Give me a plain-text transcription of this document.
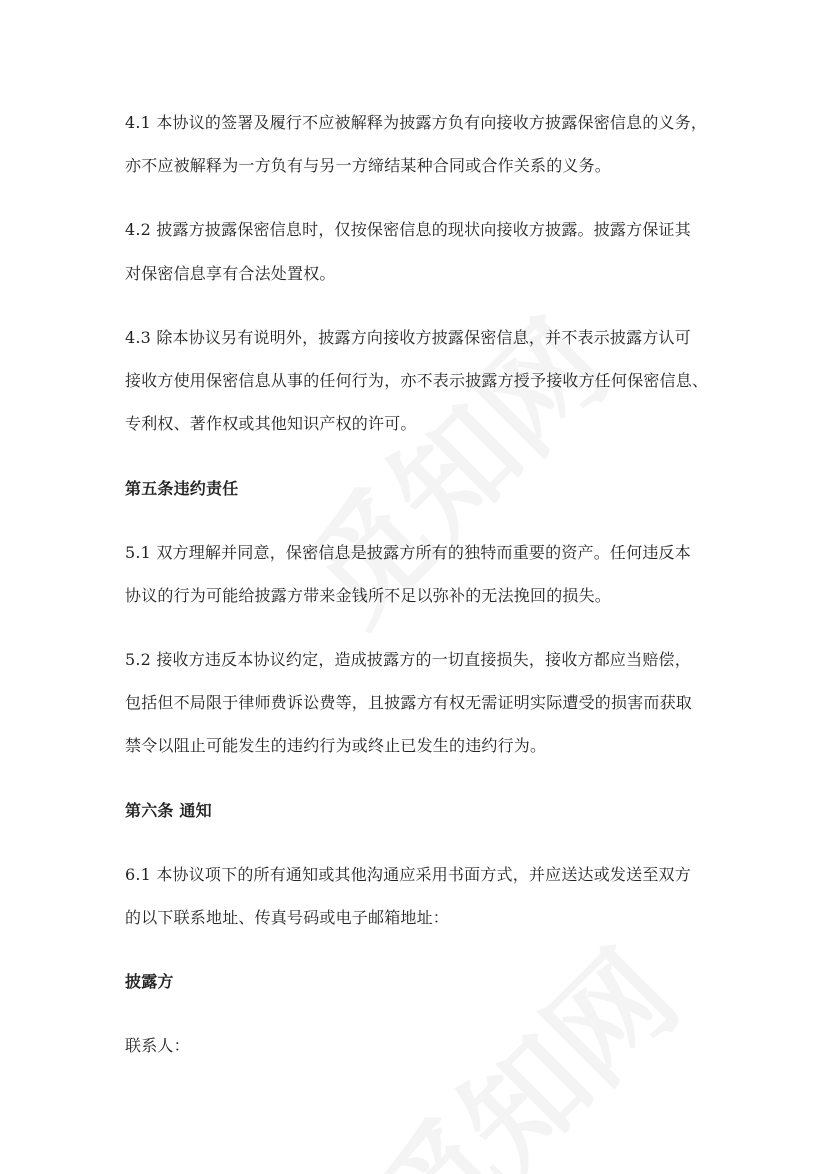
4.1 本协议的签署及履行不应被解释为披露方负有向接收方披露保密信息的义务，
亦不应被解释为一方负有与另一方缔结某种合同或合作关系的义务。
4.2 披露方披露保密信息时，仅按保密信息的现状向接收方披露。披露方保证其
对保密信息享有合法处置权。
4.3 除本协议另有说明外，披露方向接收方披露保密信息，并不表示披露方认可
接收方使用保密信息从事的任何行为，亦不表示披露方授予接收方任何保密信息、
专利权、著作权或其他知识产权的许可。
第五条违约责任
5.1 双方理解并同意，保密信息是披露方所有的独特而重要的资产。任何违反本
协议的行为可能给披露方带来金钱所不足以弥补的无法挽回的损失。
5.2 接收方违反本协议约定，造成披露方的一切直接损失，接收方都应当赔偿，
包括但不局限于律师费诉讼费等，且披露方有权无需证明实际遭受的损害而获取
禁令以阻止可能发生的违约行为或终止已发生的违约行为。
第六条 通知
6.1 本协议项下的所有通知或其他沟通应采用书面方式，并应送达或发送至双方
的以下联系地址、传真号码或电子邮箱地址：
披露方
联系人：
